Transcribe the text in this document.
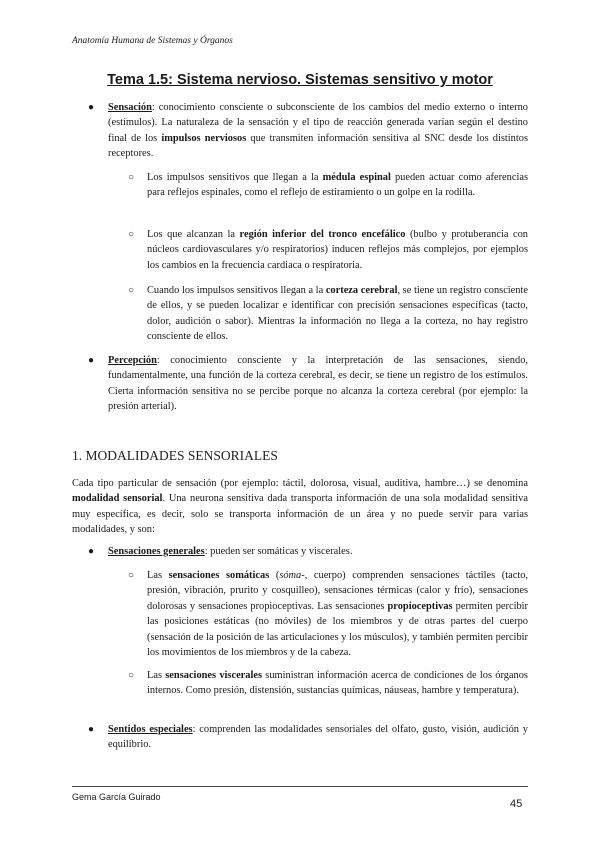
Anatomía Humana de Sistemas y Órganos
Tema 1.5: Sistema nervioso. Sistemas sensitivo y motor
● Sensación: conocimiento consciente o subconsciente de los cambios del medio externo o interno (estímulos). La naturaleza de la sensación y el tipo de reacción generada varían según el destino final de los impulsos nerviosos que transmiten información sensitiva al SNC desde los distintos receptores.

○ Los impulsos sensitivos que llegan a la médula espinal pueden actuar como aferencias para reflejos espinales, como el reflejo de estiramiento o un golpe en la rodilla.

○ Los que alcanzan la región inferior del tronco encefálico (bulbo y protuberancia con núcleos cardiovasculares y/o respiratorios) inducen reflejos más complejos, por ejemplos los cambios en la frecuencia cardiaca o respiratoria.

○ Cuando los impulsos sensitivos llegan a la corteza cerebral, se tiene un registro consciente de ellos, y se pueden localizar e identificar con precisión sensaciones específicas (tacto, dolor, audición o sabor). Mientras la información no llega a la corteza, no hay registro consciente de ellos.

● Percepción: conocimiento consciente y la interpretación de las sensaciones, siendo, fundamentalmente, una función de la corteza cerebral, es decir, se tiene un registro de los estímulos. Cierta información sensitiva no se percibe porque no alcanza la corteza cerebral (por ejemplo: la presión arterial).

1. MODALIDADES SENSORIALES

Cada tipo particular de sensación (por ejemplo: táctil, dolorosa, visual, auditiva, hambre…) se denomina modalidad sensorial. Una neurona sensitiva dada transporta información de una sola modalidad sensitiva muy específica, es decir, solo se transporta información de un área y no puede servir para varias modalidades, y son:

● Sensaciones generales: pueden ser somáticas y viscerales.

○ Las sensaciones somáticas (sóma-, cuerpo) comprenden sensaciones táctiles (tacto, presión, vibración, prurito y cosquilleo), sensaciones térmicas (calor y frío), sensaciones dolorosas y sensaciones propioceptivas. Las sensaciones propioceptivas permiten percibir las posiciones estáticas (no móviles) de los miembros y de otras partes del cuerpo (sensación de la posición de las articulaciones y los músculos), y también permiten percibir los movimientos de los miembros y de la cabeza.

○ Las sensaciones viscerales suministran información acerca de condiciones de los órganos internos. Como presión, distensión, sustancias químicas, náuseas, hambre y temperatura).

● Sentidos especiales: comprenden las modalidades sensoriales del olfato, gusto, visión, audición y equilibrio.

Gema García Guirado
45
